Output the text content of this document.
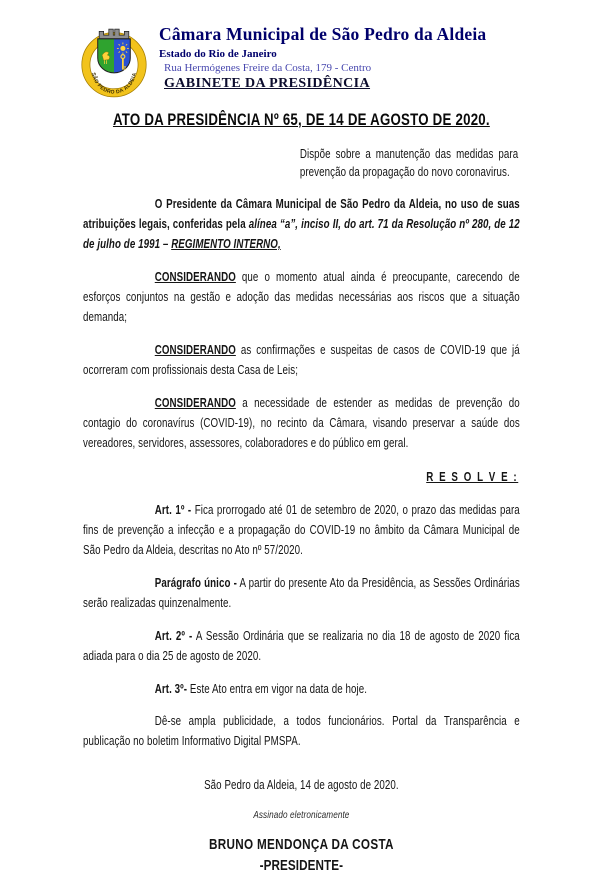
SÃO PEDRO DA ALDEIA
Câmara Municipal de São Pedro da Aldeia
Estado do Rio de Janeiro
Rua Hermógenes Freire da Costa, 179 - Centro
GABINETE DA PRESIDÊNCIA
ATO DA PRESIDÊNCIA Nº 65, DE 14 DE AGOSTO DE 2020.
Dispõe sobre a manutenção das medidas para prevenção da propagação do novo coronavirus.

O Presidente da Câmara Municipal de São Pedro da Aldeia, no uso de suas atribuições legais, conferidas pela alínea “a”, inciso II, do art. 71 da Resolução nº 280, de 12 de julho de 1991 – REGIMENTO INTERNO,

CONSIDERANDO que o momento atual ainda é preocupante, carecendo de esforços conjuntos na gestão e adoção das medidas necessárias aos riscos que a situação demanda;

CONSIDERANDO as confirmações e suspeitas de casos de COVID-19 que já ocorreram com profissionais desta Casa de Leis;

CONSIDERANDO a necessidade de estender as medidas de prevenção do contagio do coronavírus (COVID-19), no recinto da Câmara, visando preservar a saúde dos vereadores, servidores, assessores, colaboradores e do público em geral.

R E S O L V E :

Art. 1º - Fica prorrogado até 01 de setembro de 2020, o prazo das medidas para fins de prevenção a infecção e a propagação do COVID-19 no âmbito da Câmara Municipal de São Pedro da Aldeia, descritas no Ato nº 57/2020.

Parágrafo único - A partir do presente Ato da Presidência, as Sessões Ordinárias serão realizadas quinzenalmente.

Art. 2º - A Sessão Ordinária que se realizaria no dia 18 de agosto de 2020 fica adiada para o dia 25 de agosto de 2020.

Art. 3º- Este Ato entra em vigor na data de hoje.

Dê-se ampla publicidade, a todos funcionários. Portal da Transparência e publicação no boletim Informativo Digital PMSPA.

São Pedro da Aldeia, 14 de agosto de 2020.
Assinado eletronicamente
BRUNO MENDONÇA DA COSTA
-PRESIDENTE-
